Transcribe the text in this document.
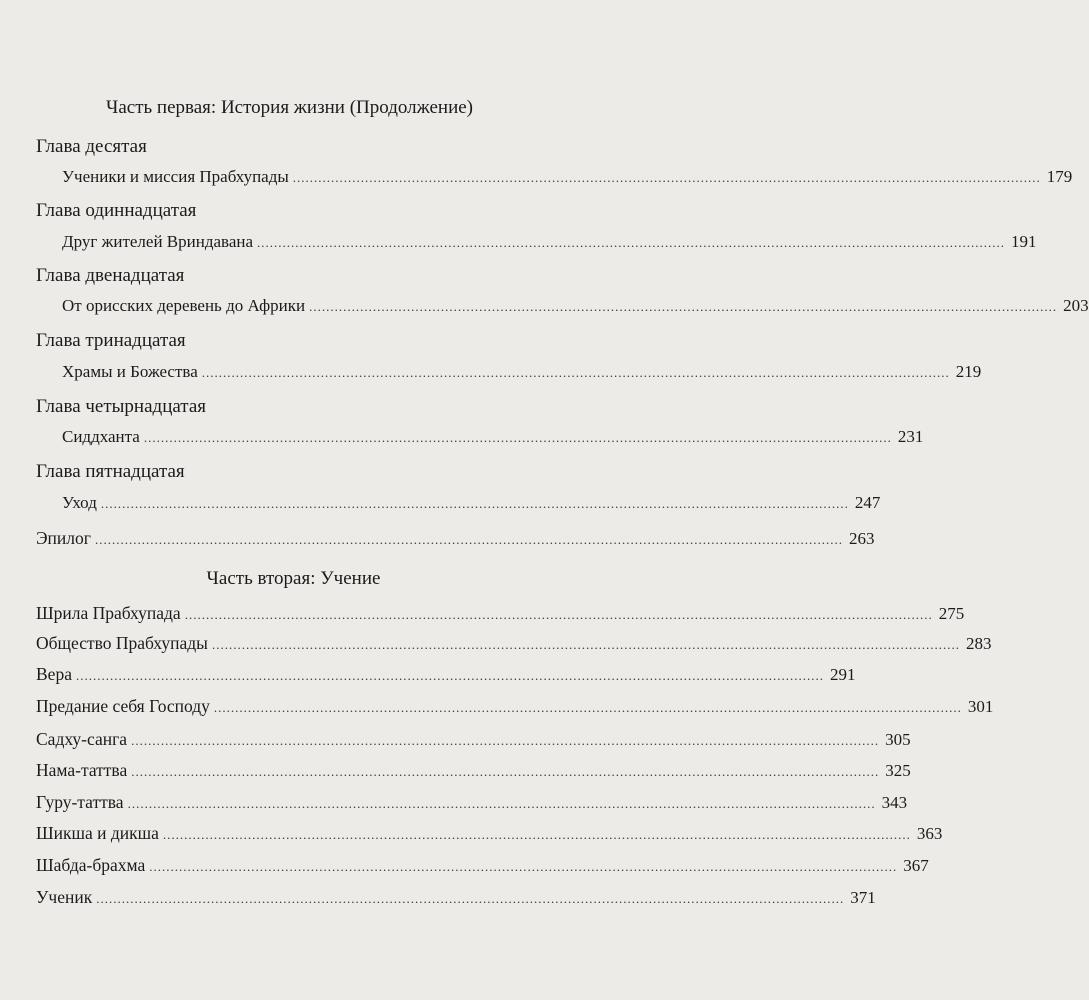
Часть первая: История жизни (Продолжение)
Глава десятая
Ученики и миссия Прабхупады ................................................................................................................................................................................ 179
Глава одиннадцатая
Друг жителей Вриндавана ................................................................................................................................................................................ 191
Глава двенадцатая
От орисских деревень до Африки ................................................................................................................................................................................ 203
Глава тринадцатая
Храмы и Божества ................................................................................................................................................................................ 219
Глава четырнадцатая
Сиддханта ................................................................................................................................................................................ 231
Глава пятнадцатая
Уход ................................................................................................................................................................................ 247
Эпилог ................................................................................................................................................................................ 263
Часть вторая: Учение
Шрила Прабхупада ................................................................................................................................................................................ 275
Общество Прабхупады ................................................................................................................................................................................ 283
Вера ................................................................................................................................................................................ 291
Предание себя Господу ................................................................................................................................................................................ 301
Садху-санга ................................................................................................................................................................................ 305
Нама-таттва ................................................................................................................................................................................ 325
Гуру-таттва ................................................................................................................................................................................ 343
Шикша и дикша ................................................................................................................................................................................ 363
Шабда-брахма ................................................................................................................................................................................ 367
Ученик ................................................................................................................................................................................ 371
